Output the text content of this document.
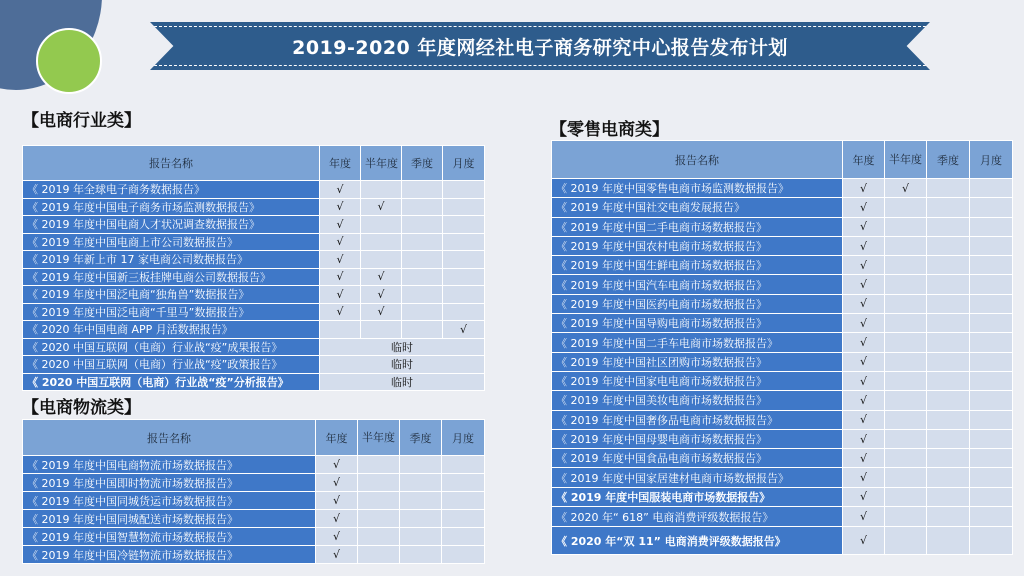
2019-2020 年度网经社电子商务研究中心报告发布计划
【电商行业类】
报告名称	年度	半年度	季度	月度
《 2019 年全球电子商务数据报告》	√			
《 2019 年度中国电子商务市场监测数据报告》	√	√		
《 2019 年度中国电商人才状况调查数据报告》	√			
《 2019 年度中国电商上市公司数据报告》	√			
《 2019 年新上市 17 家电商公司数据报告》	√			
《 2019 年度中国新三板挂牌电商公司数据报告》	√	√		
《 2019 年度中国泛电商“独角兽”数据报告》	√	√		
《 2019 年度中国泛电商“千里马”数据报告》	√	√		
《 2020 年中国电商 APP 月活数据报告》				√
《 2020 中国互联网（电商）行业战“疫”成果报告》	临时			
《 2020 中国互联网（电商）行业战“疫”政策报告》	临时			
《 2020 中国互联网（电商）行业战“疫”分析报告》	临时			
【电商物流类】
报告名称	年度	半年度	季度	月度
《 2019 年度中国电商物流市场数据报告》	√			
《 2019 年度中国即时物流市场数据报告》	√			
《 2019 年度中国同城货运市场数据报告》	√			
《 2019 年度中国同城配送市场数据报告》	√			
《 2019 年度中国智慧物流市场数据报告》	√			
《 2019 年度中国冷链物流市场数据报告》	√			
【零售电商类】
报告名称	年度	半年度	季度	月度
《 2019 年度中国零售电商市场监测数据报告》	√	√		
《 2019 年度中国社交电商发展报告》	√			
《 2019 年度中国二手电商市场数据报告》	√			
《 2019 年度中国农村电商市场数据报告》	√			
《 2019 年度中国生鲜电商市场数据报告》	√			
《 2019 年度中国汽车电商市场数据报告》	√			
《 2019 年度中国医药电商市场数据报告》	√			
《 2019 年度中国导购电商市场数据报告》	√			
《 2019 年度中国二手车电商市场数据报告》	√			
《 2019 年度中国社区团购市场数据报告》	√			
《 2019 年度中国家电电商市场数据报告》	√			
《 2019 年度中国美妆电商市场数据报告》	√			
《 2019 年度中国奢侈品电商市场数据报告》	√			
《 2019 年度中国母婴电商市场数据报告》	√			
《 2019 年度中国食品电商市场数据报告》	√			
《 2019 年度中国家居建材电商市场数据报告》	√			
《 2019 年度中国服装电商市场数据报告》	√			
《 2020 年“ 618” 电商消费评级数据报告》	√			
《 2020 年“双 11” 电商消费评级数据报告》	√			
